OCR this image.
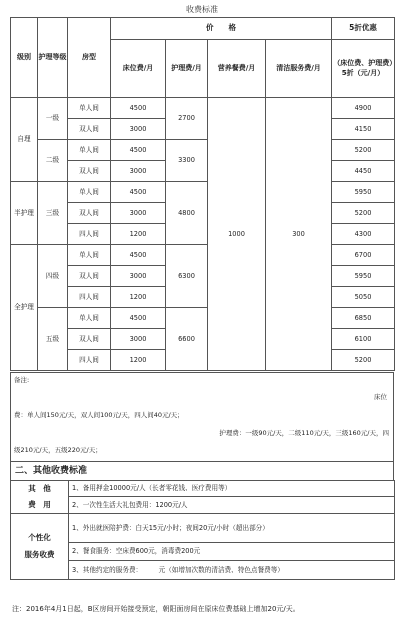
收费标准
级别	护理等级	房型	价　　格				5折优惠
			床位费/月	护理费/月	营养餐费/月	清洁服务费/月	（床位费、护理费）5折（元/月）
自理	一级	单人间	4500	2700	1000	300	4900
		双人间	3000				4150
	二级	单人间	4500	3300			5200
		双人间	3000				4450
半护理	三级	单人间	4500	4800			5950
		双人间	3000				5200
		四人间	1200				4300
全护理	四级	单人间	4500	6300			6700
		双人间	3000				5950
		四人间	1200				5050
	五级	单人间	4500	6600			6850
		双人间	3000				6100
		四人间	1200				5200
备注:
床位
费：单人间150元/天，双人间100元/天，四人间40元/天；
护理费：一级90元/天，二级110元/天，三级160元/天，四
级210元/天，五级220元/天；
二、其他收费标准
其　他
费　用	1、备用押金10000元/人（长者零花钱、医疗费用等）
	2、一次性生活大礼包费用：1200元/人

个性化
服务收费	1、外出就医陪护费：白天15元/小时；夜间20元/小时（超出部分）
	2、餐食服务：空床费600元，消毒费200元
	3、其他约定的服务费：　　　元（如增加次数的清洁费、特色点餐费等）
注：2016年4月1日起，B区房间开始接受预定，朝阳面房间在原床位费基础上增加20元/天。
